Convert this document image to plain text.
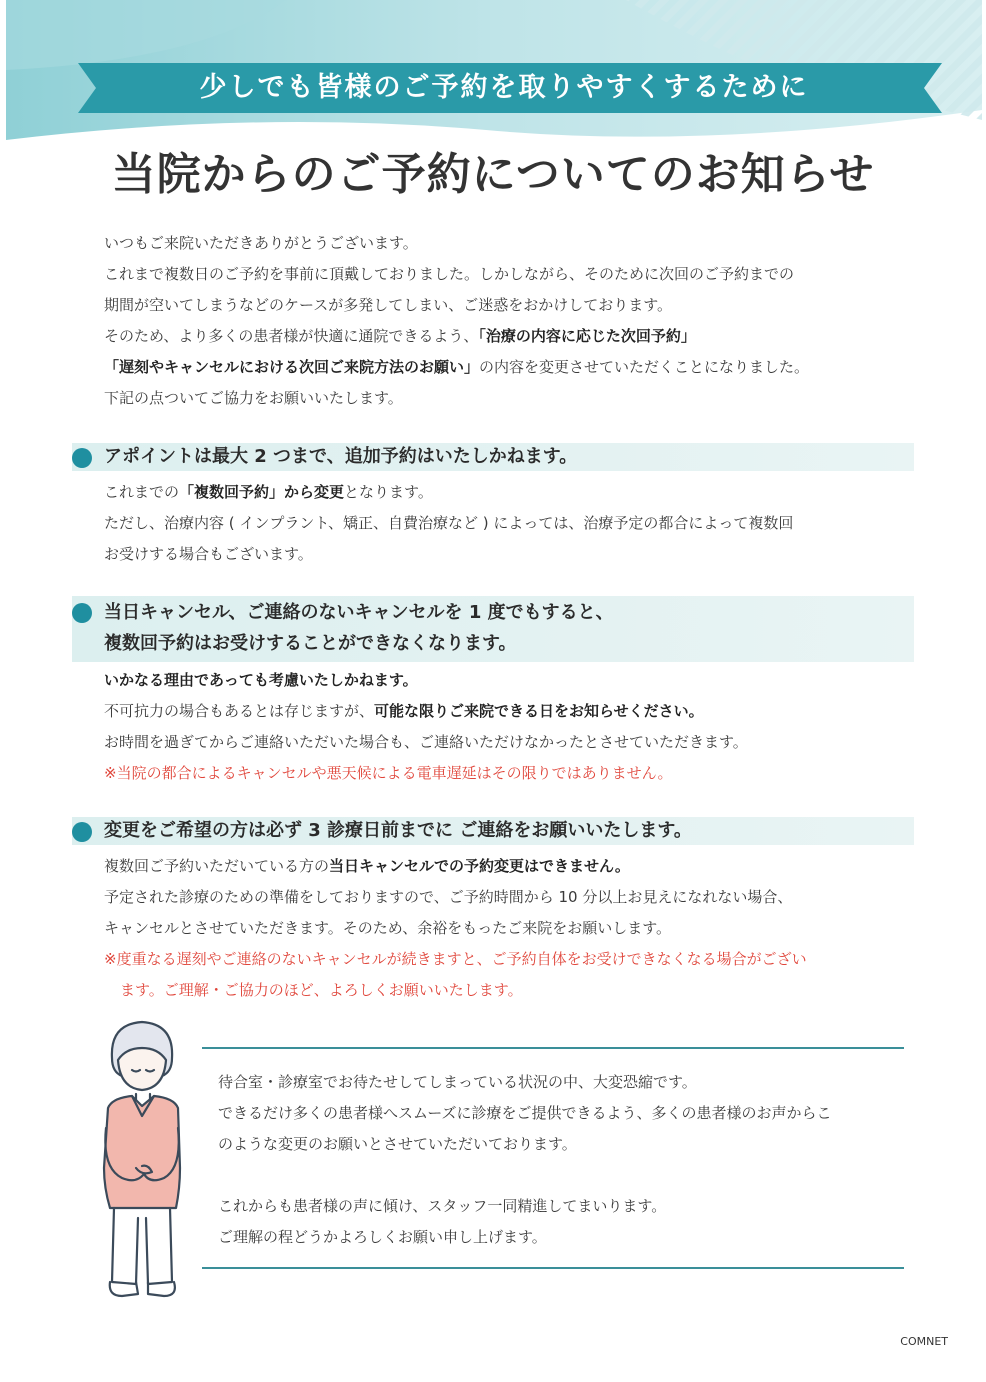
少しでも皆様のご予約を取りやすくするために
当院からのご予約についてのお知らせ

いつもご来院いただきありがとうございます。

これまで複数日のご予約を事前に頂戴しておりました。しかしながら、そのために次回のご予約までの

期間が空いてしまうなどのケースが多発してしまい、ご迷惑をおかけしております。

そのため、より多くの患者様が快適に通院できるよう、「治療の内容に応じた次回予約」

「遅刻やキャンセルにおける次回ご来院方法のお願い」の内容を変更させていただくことになりました。

下記の点ついてご協力をお願いいたします。

アポイントは最大 2 つまで、追加予約はいたしかねます。

これまでの「複数回予約」から変更となります。

ただし、治療内容 ( インプラント、矯正、自費治療など ) によっては、治療予定の都合によって複数回

お受けする場合もございます。

当日キャンセル、ご連絡のないキャンセルを 1 度でもすると、
複数回予約はお受けすることができなくなります。

いかなる理由であっても考慮いたしかねます。

不可抗力の場合もあるとは存じますが、可能な限りご来院できる日をお知らせください。

お時間を過ぎてからご連絡いただいた場合も、ご連絡いただけなかったとさせていただきます。

※当院の都合によるキャンセルや悪天候による電車遅延はその限りではありません。

変更をご希望の方は必ず 3 診療日前までに ご連絡をお願いいたします。

複数回ご予約いただいている方の当日キャンセルでの予約変更はできません。

予定された診療のための準備をしておりますので、ご予約時間から 10 分以上お見えになれない場合、

キャンセルとさせていただきます。そのため、余裕をもったご来院をお願いします。

※度重なる遅刻やご連絡のないキャンセルが続きますと、ご予約自体をお受けできなくなる場合がござい

ます。ご理解・ご協力のほど、よろしくお願いいたします。

待合室・診療室でお待たせしてしまっている状況の中、大変恐縮です。

できるだけ多くの患者様へスムーズに診療をご提供できるよう、多くの患者様のお声からこ

のような変更のお願いとさせていただいております。

これからも患者様の声に傾け、スタッフ一同精進してまいります。

ご理解の程どうかよろしくお願い申し上げます。

COMNET
